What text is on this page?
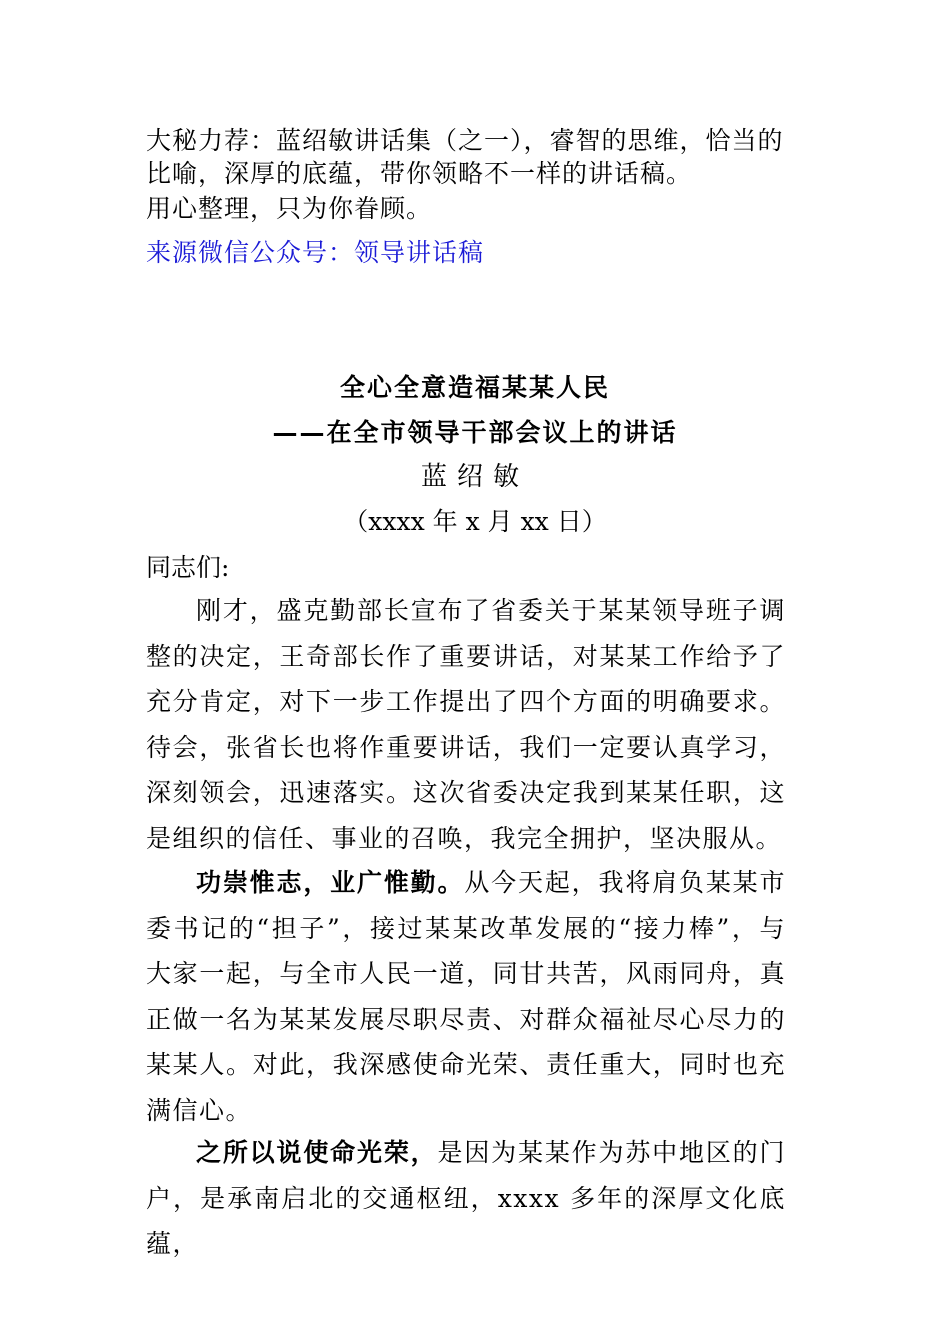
大秘力荐：蓝绍敏讲话集（之一），睿智的思维，恰当的比喻，深厚的底蕴，带你领略不一样的讲话稿。
用心整理，只为你眷顾。
来源微信公众号：领导讲话稿
全心全意造福某某人民
——在全市领导干部会议上的讲话
蓝绍敏
（xxxx 年 x 月 xx 日）
同志们:

刚才，盛克勤部长宣布了省委关于某某领导班子调整的决定，王奇部长作了重要讲话，对某某工作给予了充分肯定，对下一步工作提出了四个方面的明确要求。待会，张省长也将作重要讲话，我们一定要认真学习，深刻领会，迅速落实。这次省委决定我到某某任职，这是组织的信任、事业的召唤，我完全拥护，坚决服从。

功崇惟志，业广惟勤。从今天起，我将肩负某某市委书记的“担子”，接过某某改革发展的“接力棒”，与大家一起，与全市人民一道，同甘共苦，风雨同舟，真正做一名为某某发展尽职尽责、对群众福祉尽心尽力的某某人。对此，我深感使命光荣、责任重大，同时也充满信心。

之所以说使命光荣，是因为某某作为苏中地区的门户，是承南启北的交通枢纽，xxxx 多年的深厚文化底蕴，
